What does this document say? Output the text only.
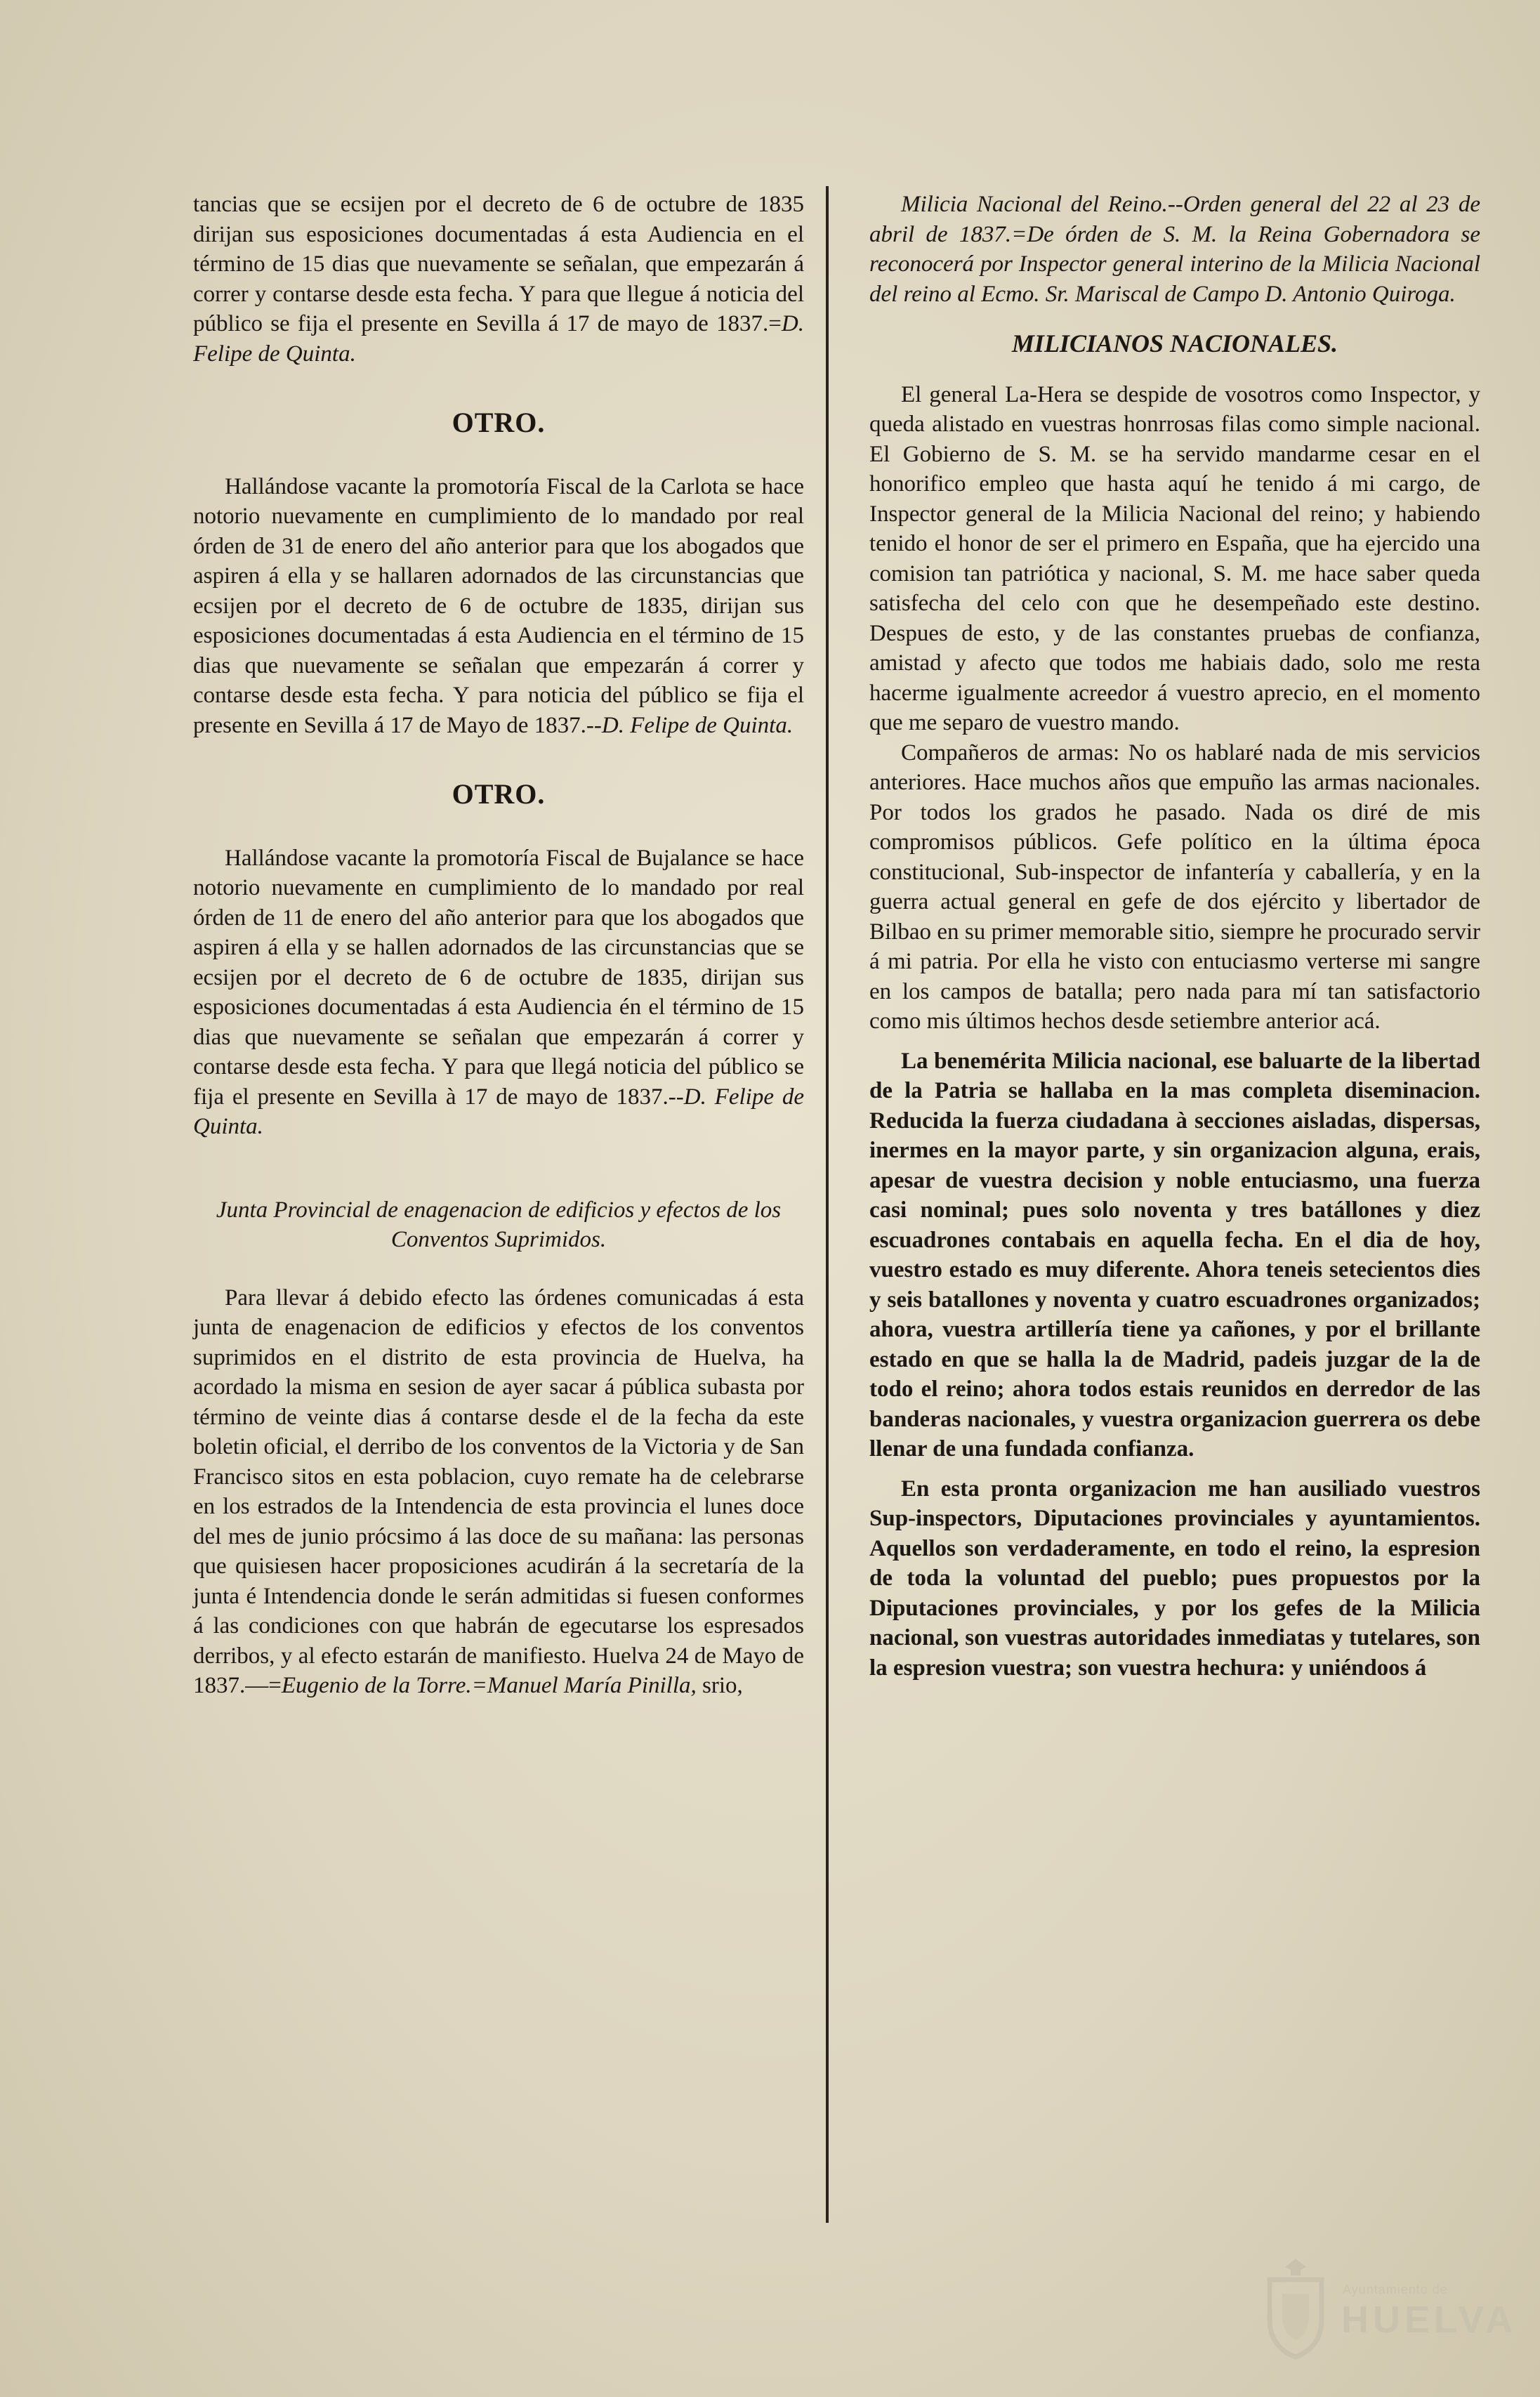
tancias que se ecsijen por el decreto de 6 de octubre de 1835 dirijan sus esposiciones documentadas á esta Audiencia en el término de 15 dias que nuevamente se señalan, que empezarán á correr y contarse desde esta fecha. Y para que llegue á noticia del público se fija el presente en Sevilla á 17 de mayo de 1837.=D. Felipe de Quinta.

OTRO.

Hallándose vacante la promotoría Fiscal de la Carlota se hace notorio nuevamente en cumplimiento de lo mandado por real órden de 31 de enero del año anterior para que los abogados que aspiren á ella y se hallaren adornados de las circunstancias que ecsijen por el decreto de 6 de octubre de 1835, dirijan sus esposiciones documentadas á esta Audiencia en el término de 15 dias que nuevamente se señalan que empezarán á correr y contarse desde esta fecha. Y para noticia del público se fija el presente en Sevilla á 17 de Mayo de 1837.--D. Felipe de Quinta.

OTRO.

Hallándose vacante la promotoría Fiscal de Bujalance se hace notorio nuevamente en cumplimiento de lo mandado por real órden de 11 de enero del año anterior para que los abogados que aspiren á ella y se hallen adornados de las circunstancias que se ecsijen por el decreto de 6 de octubre de 1835, dirijan sus esposiciones documentadas á esta Audiencia én el término de 15 dias que nuevamente se señalan que empezarán á correr y contarse desde esta fecha. Y para que llegá noticia del público se fija el presente en Sevilla à 17 de mayo de 1837.--D. Felipe de Quinta.

Junta Provincial de enagenacion de edificios y efectos de los Conventos Suprimidos.

Para llevar á debido efecto las órdenes comunicadas á esta junta de enagenacion de edificios y efectos de los conventos suprimidos en el distrito de esta provincia de Huelva, ha acordado la misma en sesion de ayer sacar á pública subasta por término de veinte dias á contarse desde el de la fecha da este boletin oficial, el derribo de los conventos de la Victoria y de San Francisco sitos en esta poblacion, cuyo remate ha de celebrarse en los estrados de la Intendencia de esta provincia el lunes doce del mes de junio prócsimo á las doce de su mañana: las personas que quisiesen hacer proposiciones acudirán á la secretaría de la junta é Intendencia donde le serán admitidas si fuesen conformes á las condiciones con que habrán de egecutarse los espresados derribos, y al efecto estarán de manifiesto. Huelva 24 de Mayo de 1837.—=Eugenio de la Torre.=Manuel María Pinilla, srio,

Milicia Nacional del Reino.--Orden general del 22 al 23 de abril de 1837.=De órden de S. M. la Reina Gobernadora se reconocerá por Inspector general interino de la Milicia Nacional del reino al Ecmo. Sr. Mariscal de Campo D. Antonio Quiroga.

MILICIANOS NACIONALES.

El general La-Hera se despide de vosotros como Inspector, y queda alistado en vuestras honrrosas filas como simple nacional. El Gobierno de S. M. se ha servido mandarme cesar en el honorifico empleo que hasta aquí he tenido á mi cargo, de Inspector general de la Milicia Nacional del reino; y habiendo tenido el honor de ser el primero en España, que ha ejercido una comision tan patriótica y nacional, S. M. me hace saber queda satisfecha del celo con que he desempeñado este destino. Despues de esto, y de las constantes pruebas de confianza, amistad y afecto que todos me habiais dado, solo me resta hacerme igualmente acreedor á vuestro aprecio, en el momento que me separo de vuestro mando.

Compañeros de armas: No os hablaré nada de mis servicios anteriores. Hace muchos años que empuño las armas nacionales. Por todos los grados he pasado. Nada os diré de mis compromisos públicos. Gefe político en la última época constitucional, Sub-inspector de infantería y caballería, y en la guerra actual general en gefe de dos ejército y libertador de Bilbao en su primer memorable sitio, siempre he procurado servir á mi patria. Por ella he visto con entuciasmo verterse mi sangre en los campos de batalla; pero nada para mí tan satisfactorio como mis últimos hechos desde setiembre anterior acá.

La benemérita Milicia nacional, ese baluarte de la libertad de la Patria se hallaba en la mas completa diseminacion. Reducida la fuerza ciudadana à secciones aisladas, dispersas, inermes en la mayor parte, y sin organizacion alguna, erais, apesar de vuestra decision y noble entuciasmo, una fuerza casi nominal; pues solo noventa y tres batállones y diez escuadrones contabais en aquella fecha. En el dia de hoy, vuestro estado es muy diferente. Ahora teneis setecientos dies y seis batallones y noventa y cuatro escuadrones organizados; ahora, vuestra artillería tiene ya cañones, y por el brillante estado en que se halla la de Madrid, padeis juzgar de la de todo el reino; ahora todos estais reunidos en derredor de las banderas nacionales, y vuestra organizacion guerrera os debe llenar de una fundada confianza.

En esta pronta organizacion me han ausiliado vuestros Sup-inspectors, Diputaciones provinciales y ayuntamientos. Aquellos son verdaderamente, en todo el reino, la espresion de toda la voluntad del pueblo; pues propuestos por la Diputaciones provinciales, y por los gefes de la Milicia nacional, son vuestras autoridades inmediatas y tutelares, son la espresion vuestra; son vuestra hechura: y uniéndoos á

Ayuntamiento de
HUELVA
